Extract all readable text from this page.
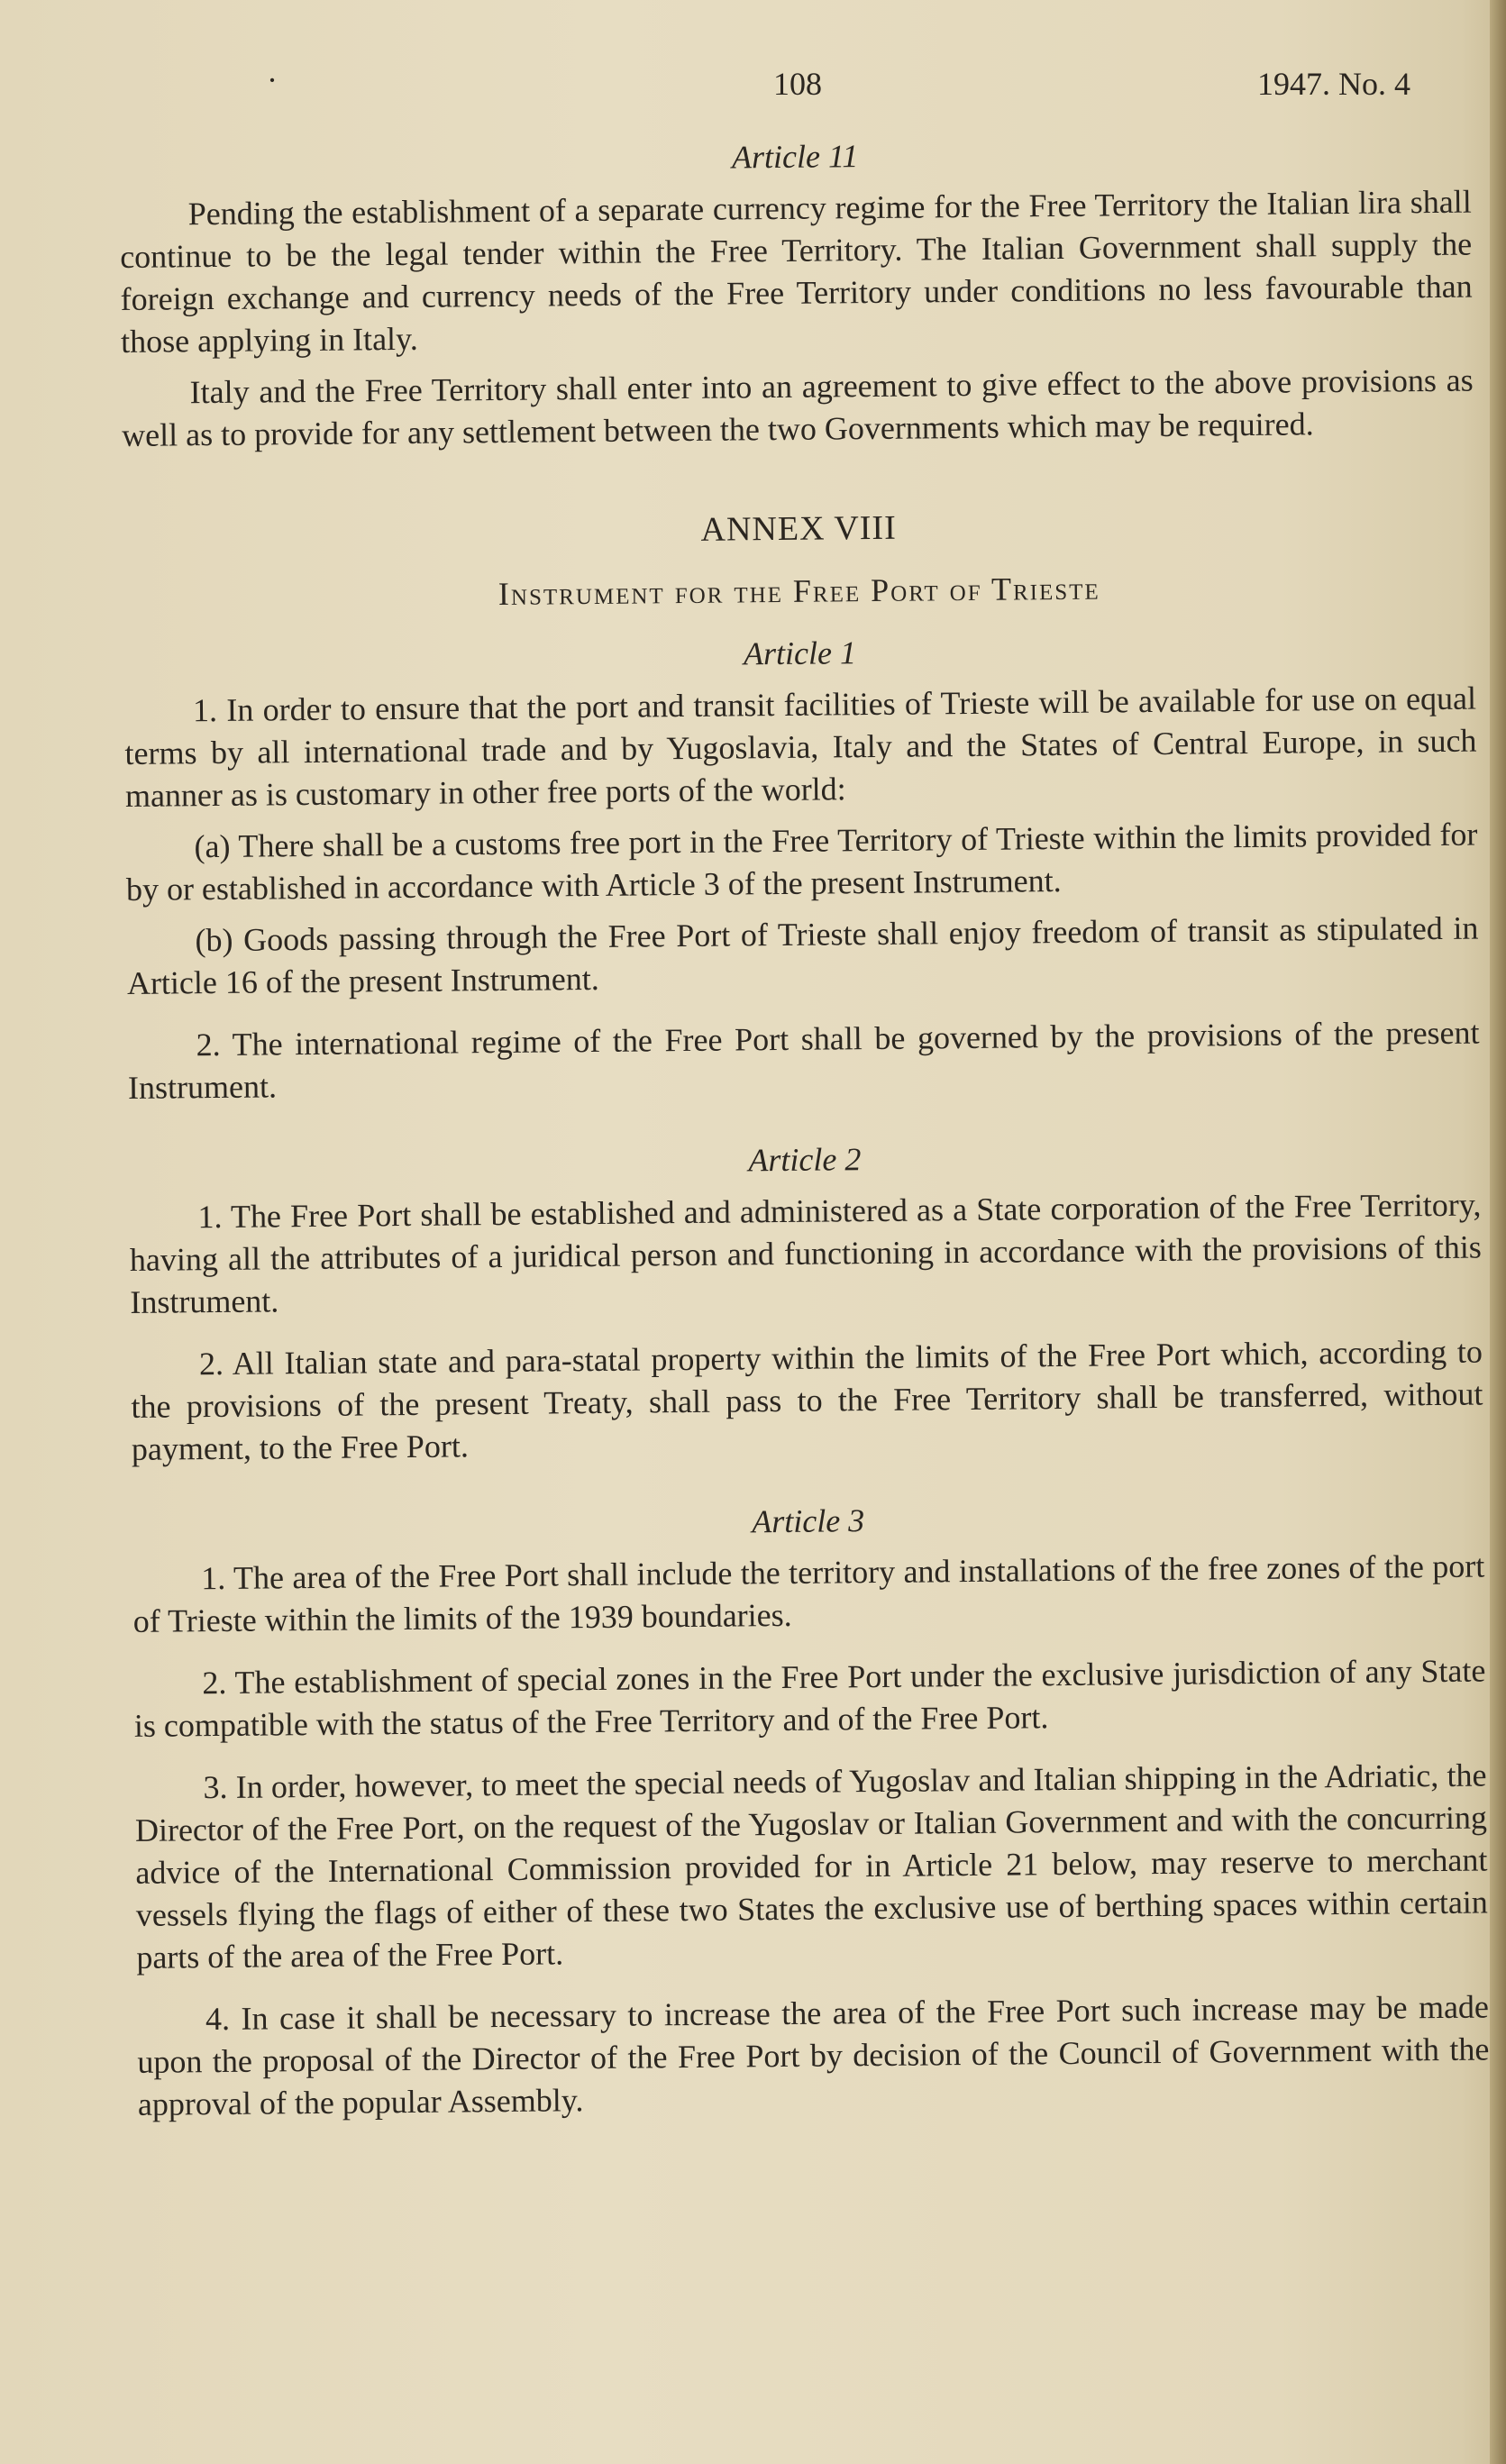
·	108	1947. No. 4
Article 11

Pending the establishment of a separate currency regime for the Free Territory the Italian lira shall continue to be the legal tender within the Free Territory. The Italian Government shall supply the foreign exchange and currency needs of the Free Territory under conditions no less favourable than those applying in Italy.

Italy and the Free Territory shall enter into an agreement to give effect to the above provisions as well as to provide for any settlement between the two Governments which may be required.

ANNEX VIII
Instrument for the Free Port of Trieste
Article 1

1. In order to ensure that the port and transit facilities of Trieste will be available for use on equal terms by all international trade and by Yugoslavia, Italy and the States of Central Europe, in such manner as is customary in other free ports of the world:

(a) There shall be a customs free port in the Free Territory of Trieste within the limits provided for by or established in accordance with Article 3 of the present Instrument.

(b) Goods passing through the Free Port of Trieste shall enjoy freedom of transit as stipulated in Article 16 of the present Instrument.

2. The international regime of the Free Port shall be governed by the provisions of the present Instrument.

Article 2

1. The Free Port shall be established and administered as a State corporation of the Free Territory, having all the attributes of a juridical person and functioning in accordance with the provisions of this Instrument.

2. All Italian state and para-statal property within the limits of the Free Port which, according to the provisions of the present Treaty, shall pass to the Free Territory shall be transferred, without payment, to the Free Port.

Article 3

1. The area of the Free Port shall include the territory and installations of the free zones of the port of Trieste within the limits of the 1939 boundaries.

2. The establishment of special zones in the Free Port under the exclusive jurisdiction of any State is compatible with the status of the Free Territory and of the Free Port.

3. In order, however, to meet the special needs of Yugoslav and Italian shipping in the Adriatic, the Director of the Free Port, on the request of the Yugoslav or Italian Government and with the concurring advice of the International Commission provided for in Article 21 below, may reserve to merchant vessels flying the flags of either of these two States the exclusive use of berthing spaces within certain parts of the area of the Free Port.

4. In case it shall be necessary to increase the area of the Free Port such increase may be made upon the proposal of the Director of the Free Port by decision of the Council of Government with the approval of the popular Assembly.
